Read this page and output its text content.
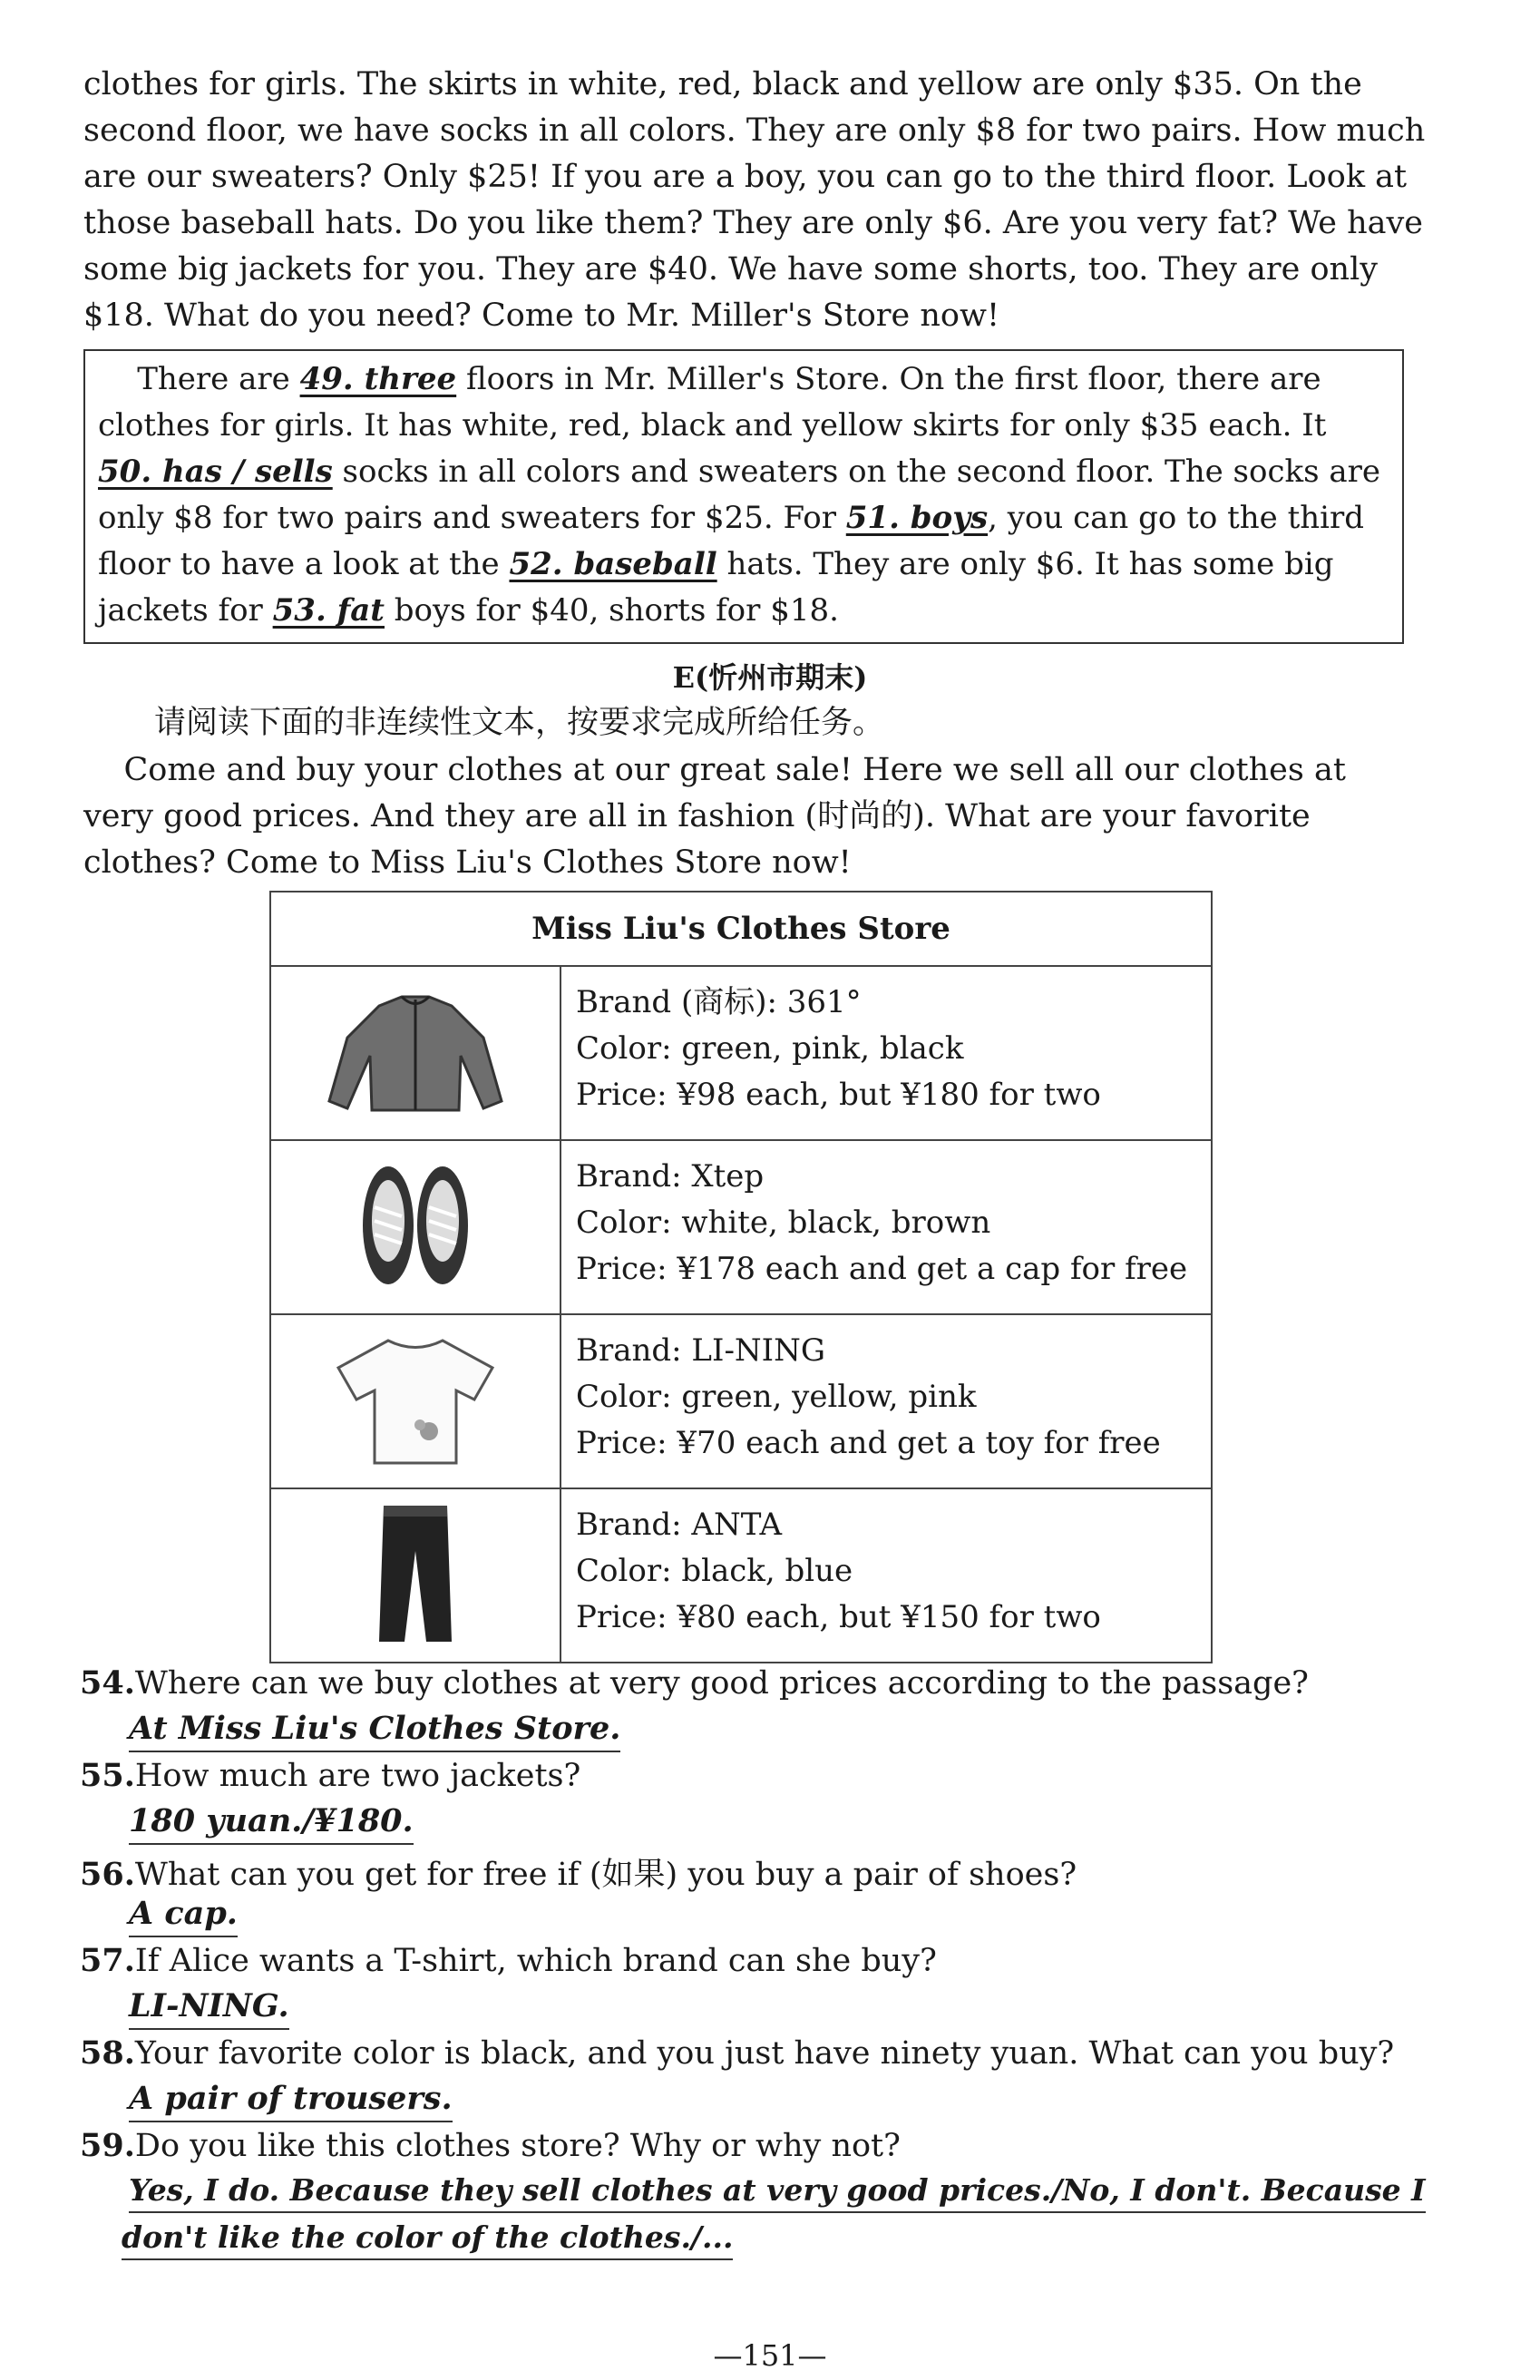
clothes for girls. The skirts in white, red, black and yellow are only $35. On the
second floor, we have socks in all colors. They are only $8 for two pairs. How much
are our sweaters? Only $25! If you are a boy, you can go to the third floor. Look at
those baseball hats. Do you like them? They are only $6. Are you very fat? We have
some big jackets for you. They are $40. We have some shorts, too. They are only
$18. What do you need? Come to Mr. Miller's Store now!
There are 49. three floors in Mr. Miller's Store. On the first floor, there are
clothes for girls. It has white, red, black and yellow skirts for only $35 each. It
50. has / sells socks in all colors and sweaters on the second floor. The socks are
only $8 for two pairs and sweaters for $25. For 51. boys, you can go to the third
floor to have a look at the 52. baseball hats. They are only $6. It has some big
jackets for 53. fat boys for $40, shorts for $18.
E(忻州市期末)
请阅读下面的非连续性文本，按要求完成所给任务。
Come and buy your clothes at our great sale! Here we sell all our clothes at
very good prices. And they are all in fashion (时尚的). What are your favorite
clothes? Come to Miss Liu's Clothes Store now!
Miss Liu's Clothes Store	

Brand (商标): 361°
Color: green, pink, black
Price: ¥98 each, but ¥180 for two

Brand: Xtep
Color: white, black, brown
Price: ¥178 each and get a cap for free

Brand: LI-NING
Color: green, yellow, pink
Price: ¥70 each and get a toy for free

Brand: ANTA
Color: black, blue
Price: ¥80 each, but ¥150 for two
54.Where can we buy clothes at very good prices according to the passage?
At Miss Liu's Clothes Store.
55.How much are two jackets?
180 yuan./¥180.
56.What can you get for free if (如果) you buy a pair of shoes?
A cap.
57.If Alice wants a T-shirt, which brand can she buy?
LI-NING.
58.Your favorite color is black, and you just have ninety yuan. What can you buy?
A pair of trousers.
59.Do you like this clothes store? Why or why not?
Yes, I do. Because they sell clothes at very good prices./No, I don't. Because I
don't like the color of the clothes./...
—151—
